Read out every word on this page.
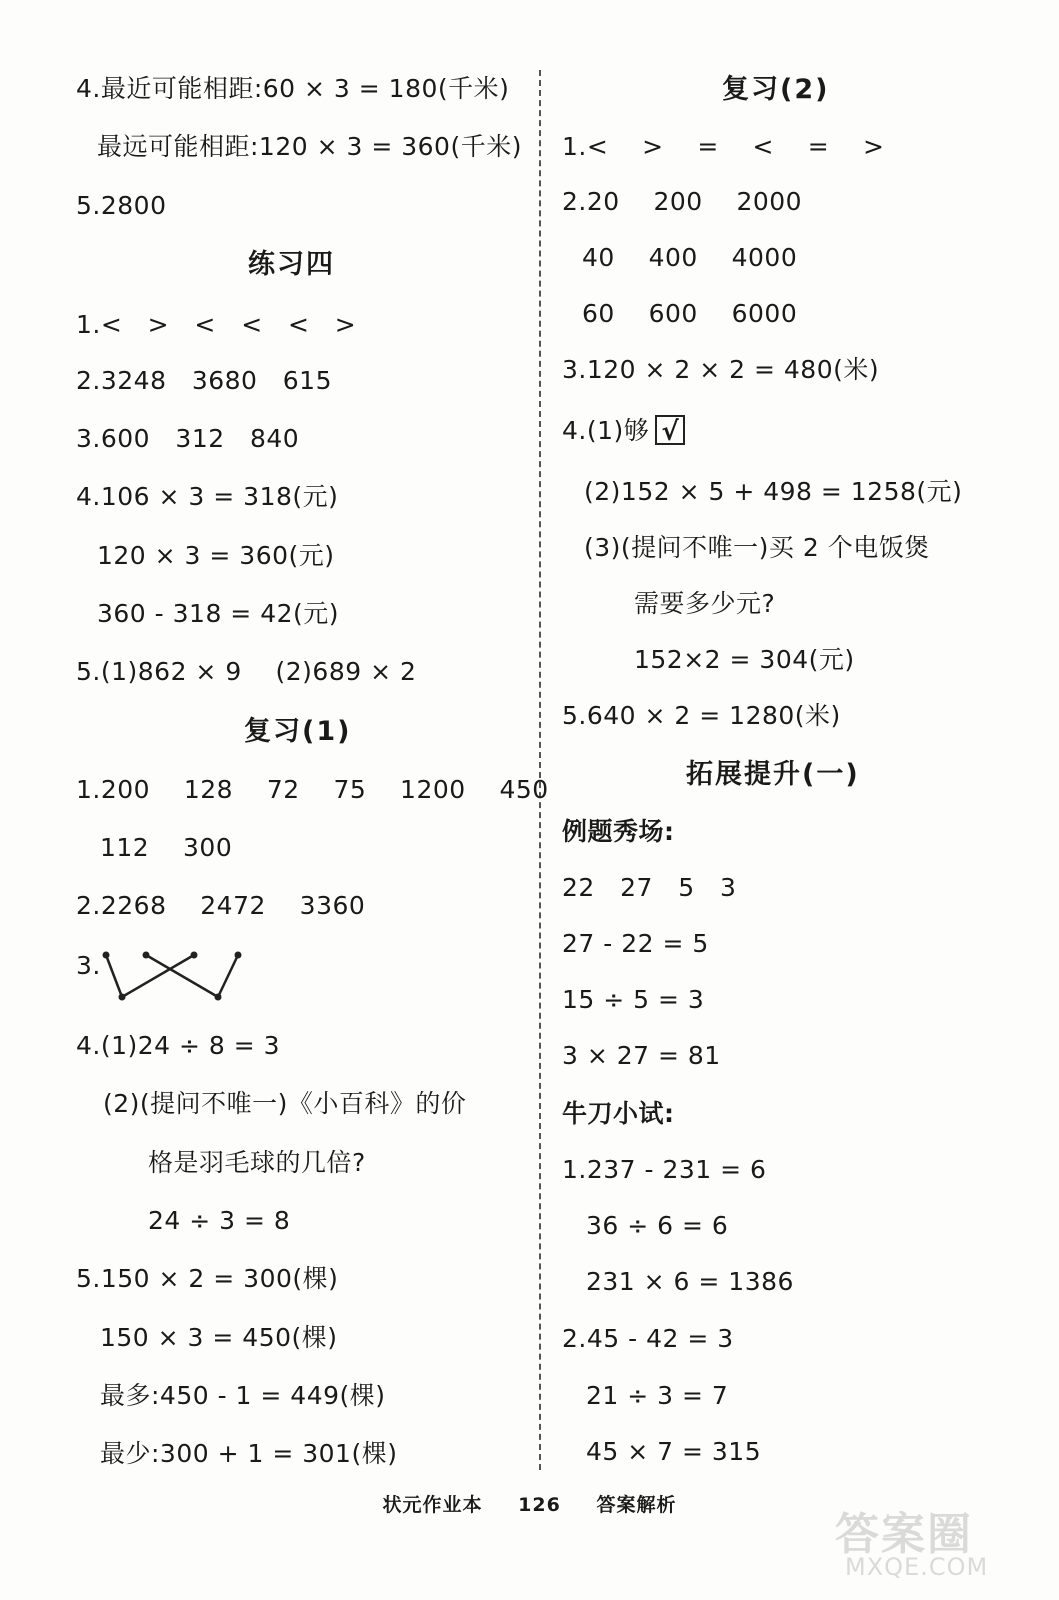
4.最近可能相距:60 × 3 = 180(千米)
最远可能相距:120 × 3 = 360(千米)
5.2800
练习四
1.<   >   <   <   <   >
2.3248   3680   615
3.600   312   840
4.106 × 3 = 318(元)
120 × 3 = 360(元)
360 - 318 = 42(元)
5.(1)862 × 9    (2)689 × 2
复习(1)
1.200    128    72    75    1200    450
112    300
2.2268    2472    3360
3.
4.(1)24 ÷ 8 = 3
(2)(提问不唯一)《小百科》的价
格是羽毛球的几倍?
24 ÷ 3 = 8
5.150 × 2 = 300(棵)
150 × 3 = 450(棵)
最多:450 - 1 = 449(棵)
最少:300 + 1 = 301(棵)
复习(2)
1.<    >    =    <    =    >
2.20    200    2000
40    400    4000
60    600    6000
3.120 × 2 × 2 = 480(米)
4.(1)够 √
(2)152 × 5 + 498 = 1258(元)
(3)(提问不唯一)买 2 个电饭煲
需要多少元?
152×2 = 304(元)
5.640 × 2 = 1280(米)
拓展提升(一)
例题秀场:
22   27   5   3
27 - 22 = 5
15 ÷ 5 = 3
3 × 27 = 81
牛刀小试:
1.237 - 231 = 6
36 ÷ 6 = 6
231 × 6 = 1386
2.45 - 42 = 3
21 ÷ 3 = 7
45 × 7 = 315
状元作业本 126 答案解析
答案圈
MXQE.COM
